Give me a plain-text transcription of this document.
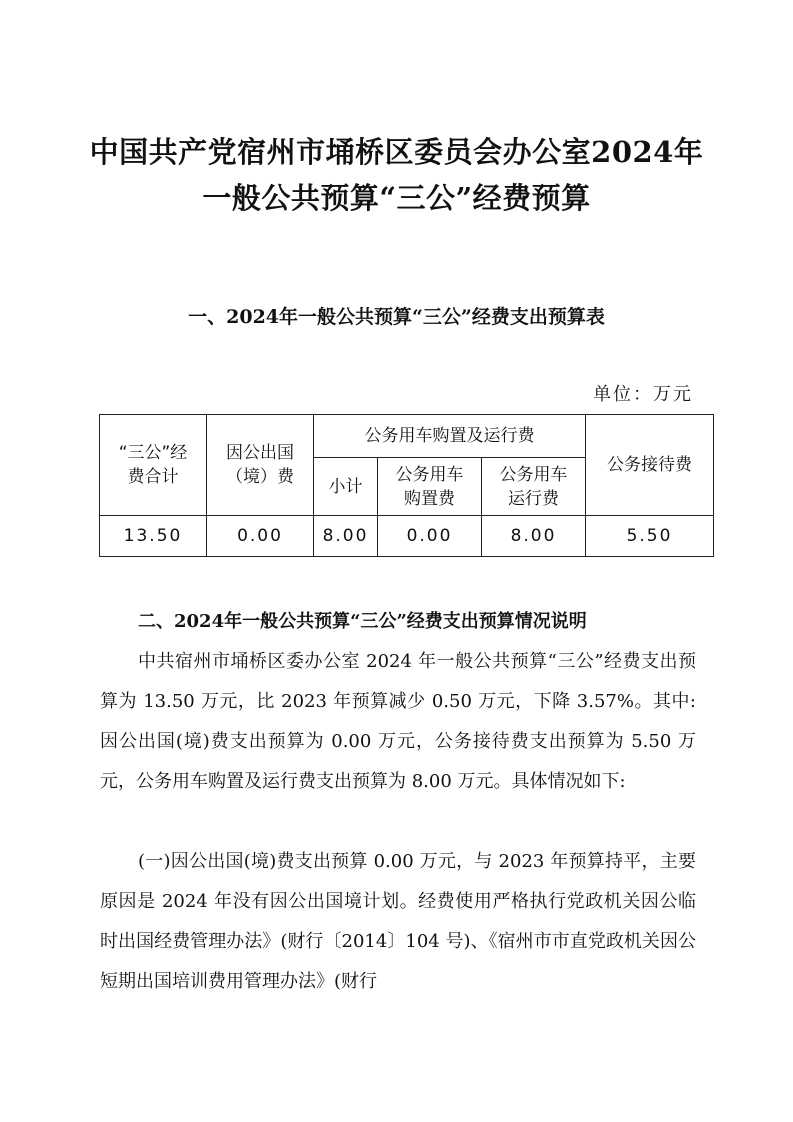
中国共产党宿州市埇桥区委员会办公室2024年
一般公共预算“三公”经费预算
一、2024年一般公共预算“三公”经费支出预算表
单位：万元
“三公”经费合计	因公出国（境）费	公务用车购置及运行费			公务接待费
		小计	公务用车购置费	公务用车运行费	

13.50	0.00	8.00	0.00	8.00	5.50
二、2024年一般公共预算“三公”经费支出预算情况说明
中共宿州市埇桥区委办公室 2024 年一般公共预算“三公”经费支出预算为 13.50 万元，比 2023 年预算减少 0.50 万元，下降 3.57%。其中: 因公出国(境)费支出预算为 0.00 万元，公务接待费支出预算为 5.50 万元，公务用车购置及运行费支出预算为 8.00 万元。具体情况如下:
(一)因公出国(境)费支出预算 0.00 万元，与 2023 年预算持平，主要原因是 2024 年没有因公出国境计划。经费使用严格执行党政机关因公临时出国经费管理办法》(财行〔2014〕104 号)、《宿州市市直党政机关因公短期出国培训费用管理办法》(财行
